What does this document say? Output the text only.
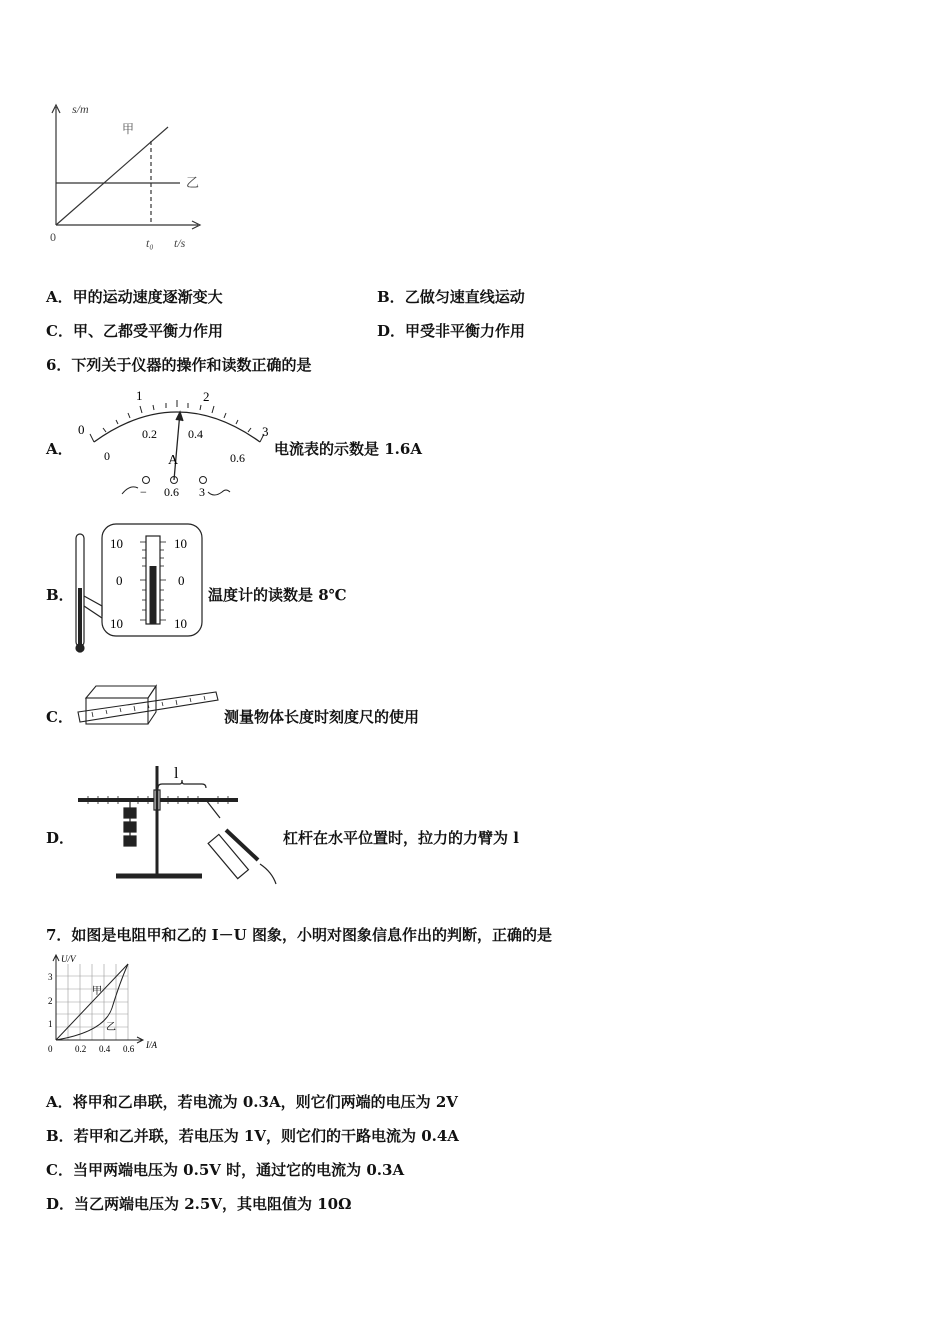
s/m
0	t₀ t/s
甲
乙
A．甲的运动速度逐渐变大	B．乙做匀速直线运动
C．甲、乙都受平衡力作用	D．甲受非平衡力作用
6．下列关于仪器的操作和读数正确的是
A．
0
1	2
3
0
0.2	0.4
0.6
A
− 0.6 3
电流表的示数是 1.6A
B．
10
0
10
10
0
10
温度计的读数是 8℃
C．	测量物体长度时刻度尺的使用
D．
l
杠杆在水平位置时，拉力的力臂为 l
7．如图是电阻甲和乙的 I－U 图象，小明对图象信息作出的判断，正确的是
U/V
I/A
3
2
1
0	0.2 0.4 0.6
甲
乙
A．将甲和乙串联，若电流为 0.3A，则它们两端的电压为 2V
B．若甲和乙并联，若电压为 1V，则它们的干路电流为 0.4A
C．当甲两端电压为 0.5V 时，通过它的电流为 0.3A
D．当乙两端电压为 2.5V，其电阻值为 10Ω
